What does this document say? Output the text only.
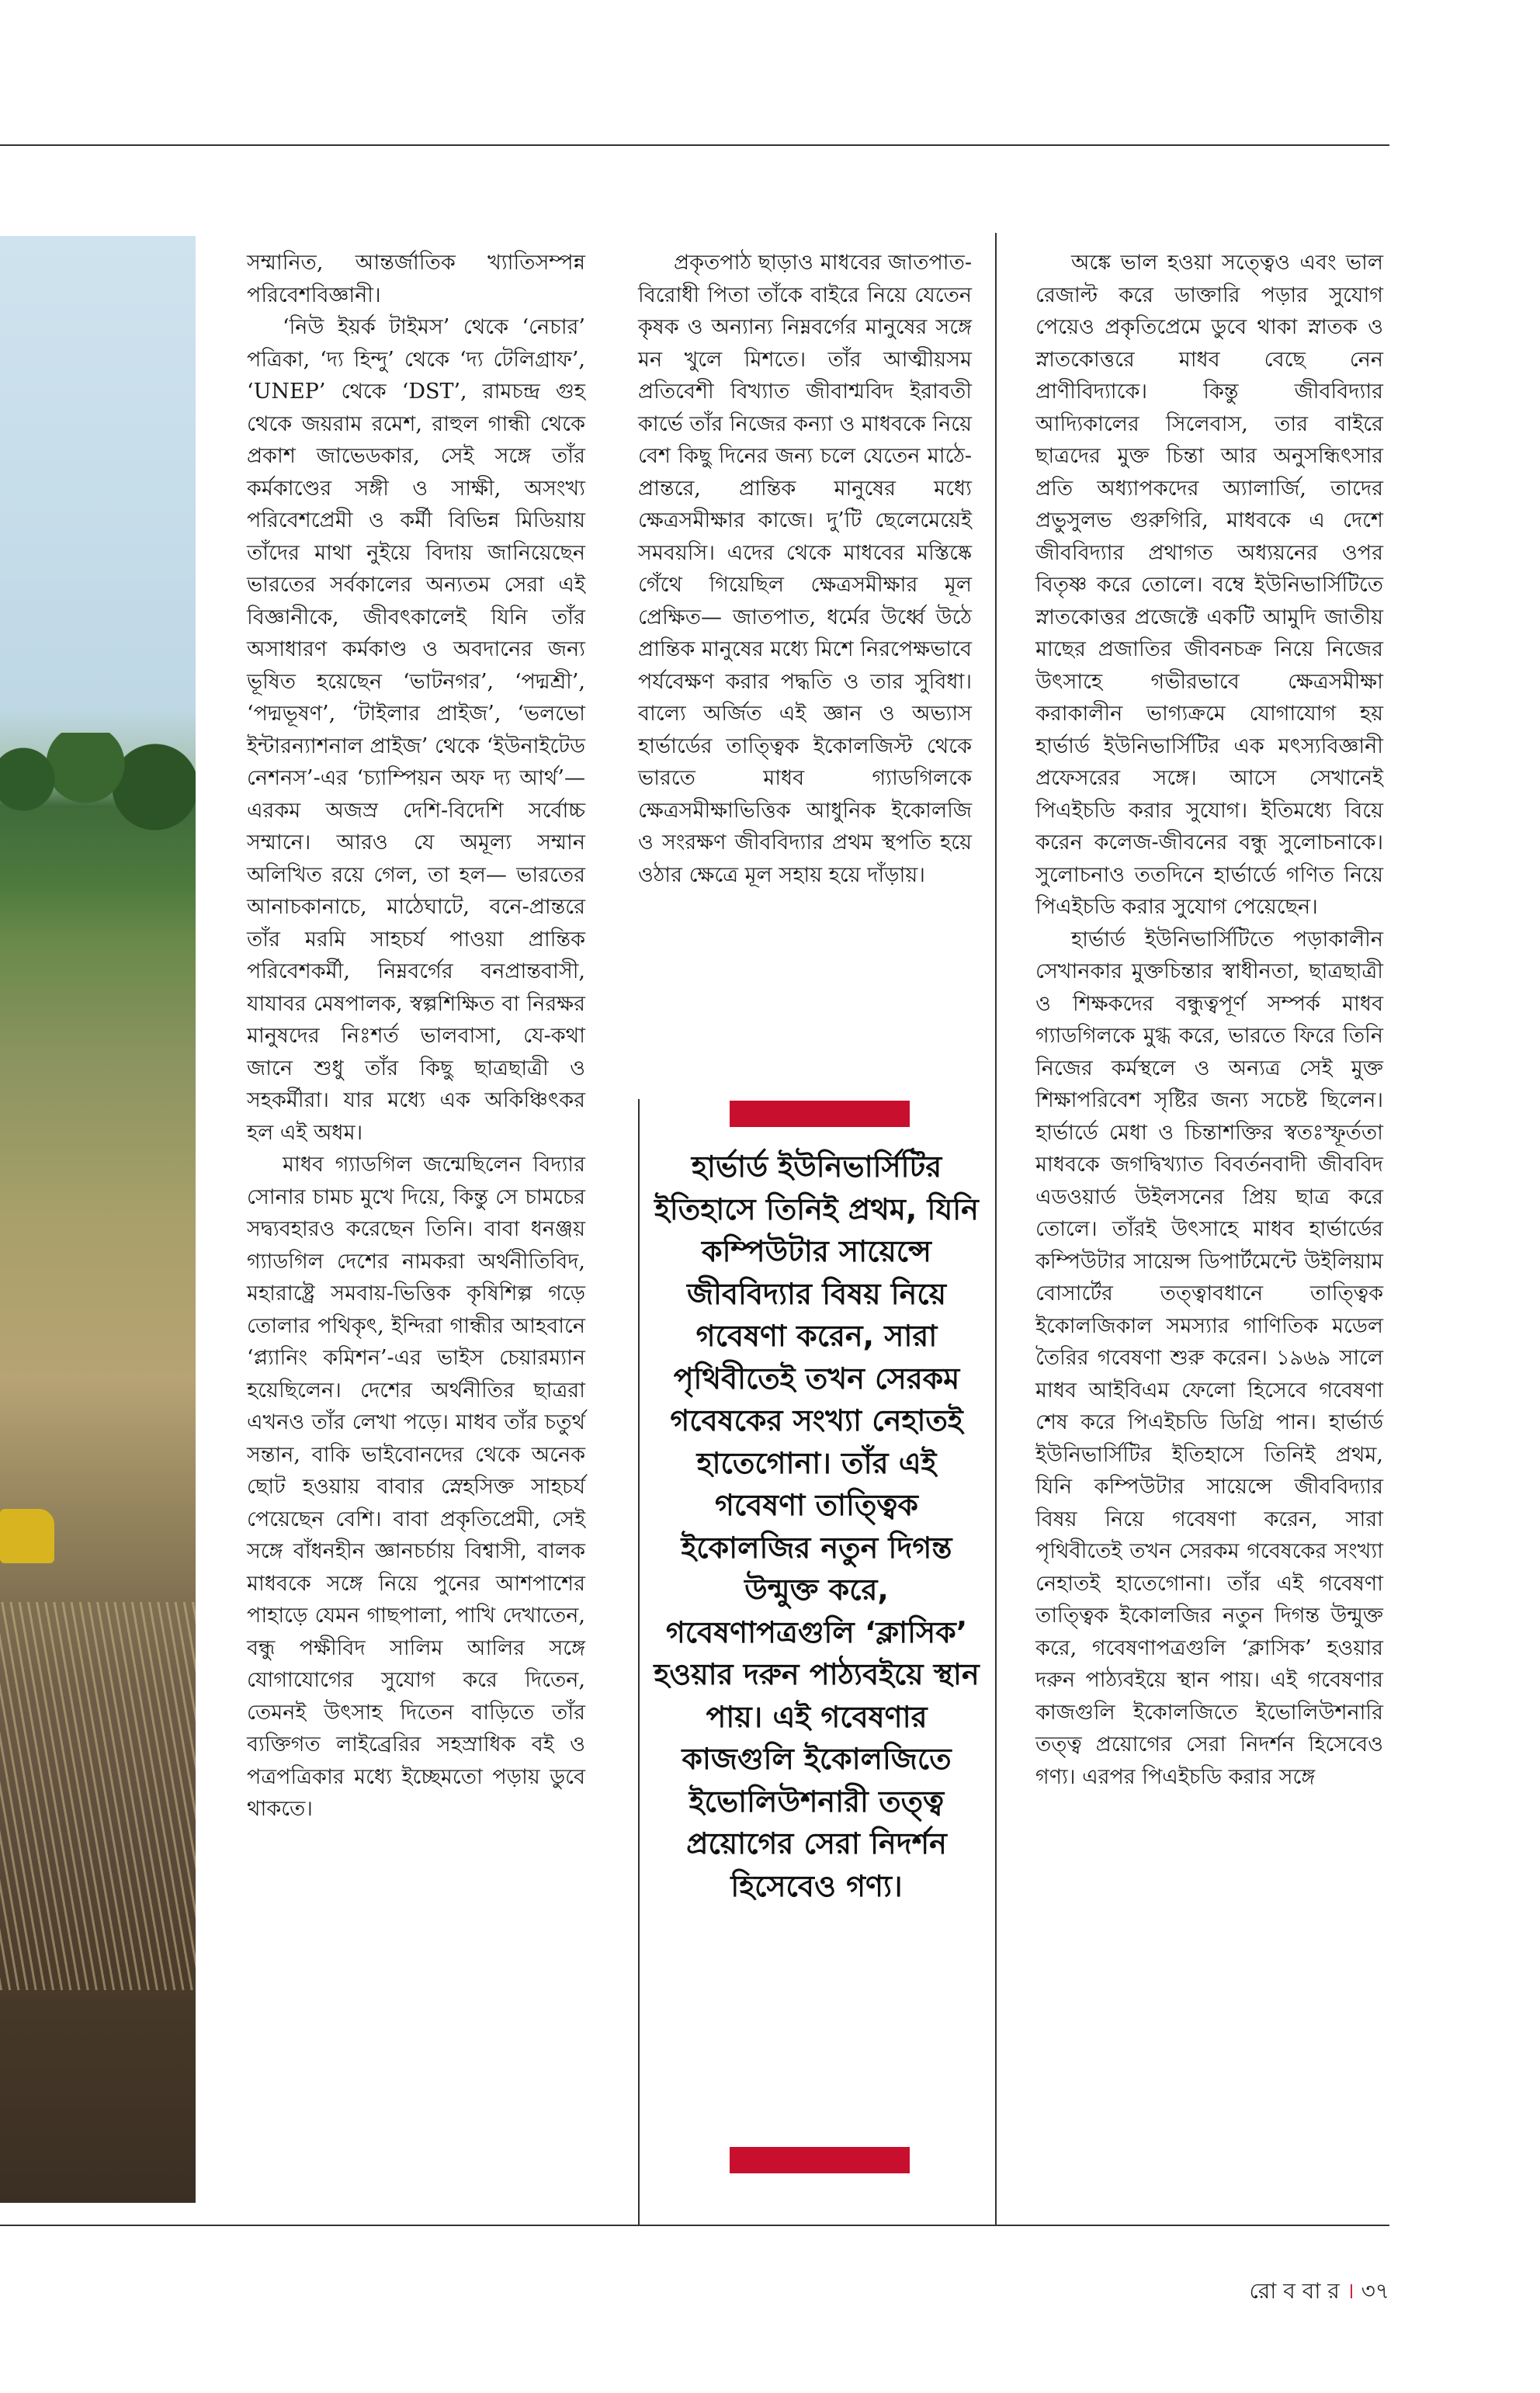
সম্মানিত, আন্তর্জাতিক খ্যাতিসম্পন্ন পরিবেশবিজ্ঞানী।

‘নিউ ইয়র্ক টাইমস’ থেকে ‘নেচার’ পত্রিকা, ‘দ্য হিন্দু’ থেকে ‘দ্য টেলিগ্রাফ’, ‘UNEP’ থেকে ‘DST’, রামচন্দ্র গুহ থেকে জয়রাম রমেশ, রাহুল গান্ধী থেকে প্রকাশ জাভেডকার, সেই সঙ্গে তাঁর কর্মকাণ্ডের সঙ্গী ও সাক্ষী, অসংখ্য পরিবেশপ্রেমী ও কর্মী বিভিন্ন মিডিয়ায় তাঁদের মাথা নুইয়ে বিদায় জানিয়েছেন ভারতের সর্বকালের অন্যতম সেরা এই বিজ্ঞানীকে, জীবৎকালেই যিনি তাঁর অসাধারণ কর্মকাণ্ড ও অবদানের জন্য ভূষিত হয়েছেন ‘ভাটনগর’, ‘পদ্মশ্রী’, ‘পদ্মভূষণ’, ‘টাইলার প্রাইজ’, ‘ভলভো ইন্টারন্যাশনাল প্রাইজ’ থেকে ‘ইউনাইটেড নেশনস’-এর ‘চ্যাম্পিয়ন অফ দ্য আর্থ’— এরকম অজস্র দেশি-বিদেশি সর্বোচ্চ সম্মানে। আরও যে অমূল্য সম্মান অলিখিত রয়ে গেল, তা হল— ভারতের আনাচকানাচে, মাঠেঘাটে, বনে-প্রান্তরে তাঁর মরমি সাহচর্য পাওয়া প্রান্তিক পরিবেশকর্মী, নিম্নবর্গের বনপ্রান্তবাসী, যাযাবর মেষপালক, স্বল্পশিক্ষিত বা নিরক্ষর মানুষদের নিঃশর্ত ভালবাসা, যে-কথা জানে শুধু তাঁর কিছু ছাত্রছাত্রী ও সহকর্মীরা। যার মধ্যে এক অকিঞ্চিৎকর হল এই অধম।

মাধব গ্যাডগিল জন্মেছিলেন বিদ্যার সোনার চামচ মুখে দিয়ে, কিন্তু সে চামচের সদ্ব্যবহারও করেছেন তিনি। বাবা ধনঞ্জয় গ্যাডগিল দেশের নামকরা অর্থনীতিবিদ, মহারাষ্ট্রে সমবায়-ভিত্তিক কৃষিশিল্প গড়ে তোলার পথিকৃৎ, ইন্দিরা গান্ধীর আহবানে ‘প্ল্যানিং কমিশন’-এর ভাইস চেয়ারম্যান হয়েছিলেন। দেশের অর্থনীতির ছাত্ররা এখনও তাঁর লেখা পড়ে। মাধব তাঁর চতুর্থ সন্তান, বাকি ভাইবোনদের থেকে অনেক ছোট হওয়ায় বাবার স্নেহসিক্ত সাহচর্য পেয়েছেন বেশি। বাবা প্রকৃতিপ্রেমী, সেই সঙ্গে বাঁধনহীন জ্ঞানচর্চায় বিশ্বাসী, বালক মাধবকে সঙ্গে নিয়ে পুনের আশপাশের পাহাড়ে যেমন গাছপালা, পাখি দেখাতেন, বন্ধু পক্ষীবিদ সালিম আলির সঙ্গে যোগাযোগের সুযোগ করে দিতেন, তেমনই উৎসাহ দিতেন বাড়িতে তাঁর ব্যক্তিগত লাইব্রেরির সহস্রাধিক বই ও পত্রপত্রিকার মধ্যে ইচ্ছেমতো পড়ায় ডুবে থাকতে।

প্রকৃতপাঠ ছাড়াও মাধবের জাতপাত-বিরোধী পিতা তাঁকে বাইরে নিয়ে যেতেন কৃষক ও অন্যান্য নিম্নবর্গের মানুষের সঙ্গে মন খুলে মিশতে। তাঁর আত্মীয়সম প্রতিবেশী বিখ্যাত জীবাশ্মবিদ ইরাবতী কার্ভে তাঁর নিজের কন্যা ও মাধবকে নিয়ে বেশ কিছু দিনের জন্য চলে যেতেন মাঠে-প্রান্তরে, প্রান্তিক মানুষের মধ্যে ক্ষেত্রসমীক্ষার কাজে। দু’টি ছেলেমেয়েই সমবয়সি। এদের থেকে মাধবের মস্তিষ্কে গেঁথে গিয়েছিল ক্ষেত্রসমীক্ষার মূল প্রেক্ষিত— জাতপাত, ধর্মের উর্ধ্বে উঠে প্রান্তিক মানুষের মধ্যে মিশে নিরপেক্ষভাবে পর্যবেক্ষণ করার পদ্ধতি ও তার সুবিধা। বাল্যে অর্জিত এই জ্ঞান ও অভ্যাস হার্ভার্ডের তাত্ত্বিক ইকোলজিস্ট থেকে ভারতে মাধব গ্যাডগিলকে ক্ষেত্রসমীক্ষাভিত্তিক আধুনিক ইকোলজি ও সংরক্ষণ জীববিদ্যার প্রথম স্থপতি হয়ে ওঠার ক্ষেত্রে মূল সহায় হয়ে দাঁড়ায়।

হার্ভার্ড ইউনিভার্সিটির ইতিহাসে তিনিই প্রথম, যিনি কম্পিউটার সায়েন্সে জীববিদ্যার বিষয় নিয়ে গবেষণা করেন, সারা পৃথিবীতেই তখন সেরকম গবেষকের সংখ্যা নেহাতই হাতেগোনা। তাঁর এই গবেষণা তাত্ত্বিক ইকোলজির নতুন দিগন্ত উন্মুক্ত করে, গবেষণাপত্রগুলি ‘ক্লাসিক’ হওয়ার দরুন পাঠ্যবইয়ে স্থান পায়। এই গবেষণার কাজগুলি ইকোলজিতে ইভোলিউশনারী তত্ত্ব প্রয়োগের সেরা নিদর্শন হিসেবেও গণ্য।

অঙ্কে ভাল হওয়া সত্ত্বেও এবং ভাল রেজাল্ট করে ডাক্তারি পড়ার সুযোগ পেয়েও প্রকৃতিপ্রেমে ডুবে থাকা স্নাতক ও স্নাতকোত্তরে মাধব বেছে নেন প্রাণীবিদ্যাকে। কিন্তু জীববিদ্যার আদ্যিকালের সিলেবাস, তার বাইরে ছাত্রদের মুক্ত চিন্তা আর অনুসন্ধিৎসার প্রতি অধ্যাপকদের অ্যালার্জি, তাদের প্রভুসুলভ গুরুগিরি, মাধবকে এ দেশে জীববিদ্যার প্রথাগত অধ্যয়নের ওপর বিতৃষ্ণ করে তোলে। বম্বে ইউনিভার্সিটিতে স্নাতকোত্তর প্রজেক্টে একটি আমুদি জাতীয় মাছের প্রজাতির জীবনচক্র নিয়ে নিজের উৎসাহে গভীরভাবে ক্ষেত্রসমীক্ষা করাকালীন ভাগ্যক্রমে যোগাযোগ হয় হার্ভার্ড ইউনিভার্সিটির এক মৎস্যবিজ্ঞানী প্রফেসরের সঙ্গে। আসে সেখানেই পিএইচডি করার সুযোগ। ইতিমধ্যে বিয়ে করেন কলেজ-জীবনের বন্ধু সুলোচনাকে। সুলোচনাও ততদিনে হার্ভার্ডে গণিত নিয়ে পিএইচডি করার সুযোগ পেয়েছেন।

হার্ভার্ড ইউনিভার্সিটিতে পড়াকালীন সেখানকার মুক্তচিন্তার স্বাধীনতা, ছাত্রছাত্রী ও শিক্ষকদের বন্ধুত্বপূর্ণ সম্পর্ক মাধব গ্যাডগিলকে মুগ্ধ করে, ভারতে ফিরে তিনি নিজের কর্মস্থলে ও অন্যত্র সেই মুক্ত শিক্ষাপরিবেশ সৃষ্টির জন্য সচেষ্ট ছিলেন। হার্ভার্ডে মেধা ও চিন্তাশক্তির স্বতঃস্ফূর্ততা মাধবকে জগদ্বিখ্যাত বিবর্তনবাদী জীববিদ এডওয়ার্ড উইলসনের প্রিয় ছাত্র করে তোলে। তাঁরই উৎসাহে মাধব হার্ভার্ডের কম্পিউটার সায়েন্স ডিপার্টমেন্টে উইলিয়াম বোসার্টের তত্ত্বাবধানে তাত্ত্বিক ইকোলজিকাল সমস্যার গাণিতিক মডেল তৈরির গবেষণা শুরু করেন। ১৯৬৯ সালে মাধব আইবিএম ফেলো হিসেবে গবেষণা শেষ করে পিএইচডি ডিগ্রি পান। হার্ভার্ড ইউনিভার্সিটির ইতিহাসে তিনিই প্রথম, যিনি কম্পিউটার সায়েন্সে জীববিদ্যার বিষয় নিয়ে গবেষণা করেন, সারা পৃথিবীতেই তখন সেরকম গবেষকের সংখ্যা নেহাতই হাতেগোনা। তাঁর এই গবেষণা তাত্ত্বিক ইকোলজির নতুন দিগন্ত উন্মুক্ত করে, গবেষণাপত্রগুলি ‘ক্লাসিক’ হওয়ার দরুন পাঠ্যবইয়ে স্থান পায়। এই গবেষণার কাজগুলি ইকোলজিতে ইভোলিউশনারি তত্ত্ব প্রয়োগের সেরা নিদর্শন হিসেবেও গণ্য। এরপর পিএইচডি করার সঙ্গে

রো ব বা র । ৩৭
